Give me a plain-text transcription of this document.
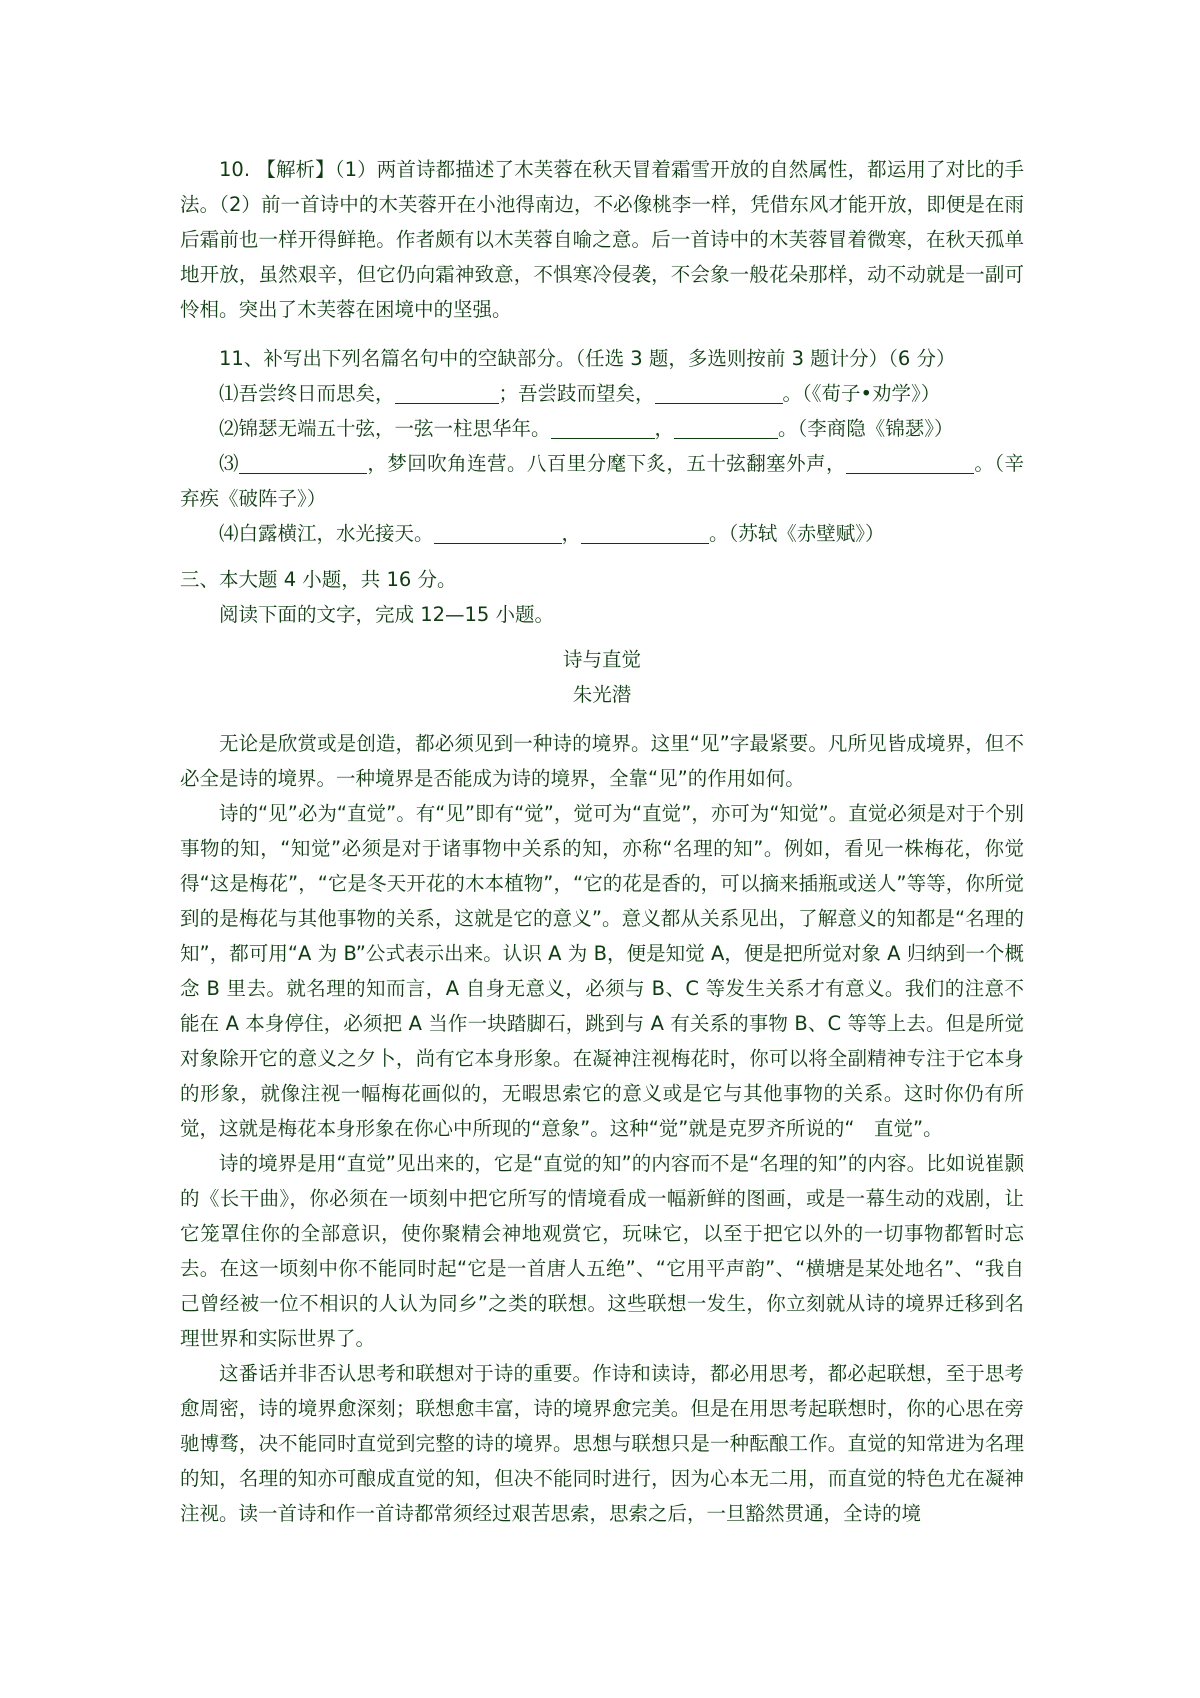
10. 【解析】（1）两首诗都描述了木芙蓉在秋天冒着霜雪开放的自然属性，都运用了对比的手法。（2）前一首诗中的木芙蓉开在小池得南边，不必像桃李一样，凭借东风才能开放，即便是在雨后霜前也一样开得鲜艳。作者颇有以木芙蓉自喻之意。后一首诗中的木芙蓉冒着微寒，在秋天孤单地开放，虽然艰辛，但它仍向霜神致意，不惧寒冷侵袭，不会象一般花朵那样，动不动就是一副可怜相。突出了木芙蓉在困境中的坚强。

11、补写出下列名篇名句中的空缺部分。（任选 3 题，多选则按前 3 题计分）（6 分）

⑴吾尝终日而思矣，	；吾尝跂而望矣，	。（《荀子•劝学》）

⑵锦瑟无端五十弦，一弦一柱思华年。	，	。（李商隐《锦瑟》）

⑶	，梦回吹角连营。八百里分麾下炙，五十弦翻塞外声，	。（辛弃疾《破阵子》）

⑷白露横江，水光接天。	，	。（苏轼《赤壁赋》）

三、本大题 4 小题，共 16 分。

阅读下面的文字，完成 12—15 小题。

诗与直觉

朱光潜

无论是欣赏或是创造，都必须见到一种诗的境界。这里“见”字最紧要。凡所见皆成境界，但不必全是诗的境界。一种境界是否能成为诗的境界，全靠“见”的作用如何。

诗的“见”必为“直觉”。有“见”即有“觉”，觉可为“直觉”，亦可为“知觉”。直觉必须是对于个别事物的知，“知觉”必须是对于诸事物中关系的知，亦称“名理的知”。例如，看见一株梅花，你觉得“这是梅花”，“它是冬天开花的木本植物”，“它的花是香的，可以摘来插瓶或送人”等等，你所觉到的是梅花与其他事物的关系，这就是它的意义”。意义都从关系见出，了解意义的知都是“名理的知”，都可用“A 为 B”公式表示出来。认识 A 为 B，便是知觉 A，便是把所觉对象 A 归纳到一个概念 B 里去。就名理的知而言，A 自身无意义，必须与 B、C 等发生关系才有意义。我们的注意不能在 A 本身停住，必须把 A 当作一块踏脚石，跳到与 A 有关系的事物 B、C 等等上去。但是所觉对象除开它的意义之夕卜，尚有它本身形象。在凝神注视梅花时，你可以将全副精神专注于它本身的形象，就像注视一幅梅花画似的，无暇思索它的意义或是它与其他事物的关系。这时你仍有所觉，这就是梅花本身形象在你心中所现的“意象”。这种“觉”就是克罗齐所说的“　直觉”。

诗的境界是用“直觉”见出来的，它是“直觉的知”的内容而不是“名理的知”的内容。比如说崔颢的《长干曲》，你必须在一顷刻中把它所写的情境看成一幅新鲜的图画，或是一幕生动的戏剧，让它笼罩住你的全部意识，使你聚精会神地观赏它，玩味它，以至于把它以外的一切事物都暂时忘去。在这一顷刻中你不能同时起“它是一首唐人五绝”、“它用平声韵”、“横塘是某处地名”、“我自己曾经被一位不相识的人认为同乡”之类的联想。这些联想一发生，你立刻就从诗的境界迁移到名理世界和实际世界了。

这番话并非否认思考和联想对于诗的重要。作诗和读诗，都必用思考，都必起联想，至于思考愈周密，诗的境界愈深刻；联想愈丰富，诗的境界愈完美。但是在用思考起联想时，你的心思在旁驰博骛，决不能同时直觉到完整的诗的境界。思想与联想只是一种酝酿工作。直觉的知常进为名理的知，名理的知亦可酿成直觉的知，但决不能同时进行，因为心本无二用，而直觉的特色尤在凝神注视。读一首诗和作一首诗都常须经过艰苦思索，思索之后，一旦豁然贯通，全诗的境
